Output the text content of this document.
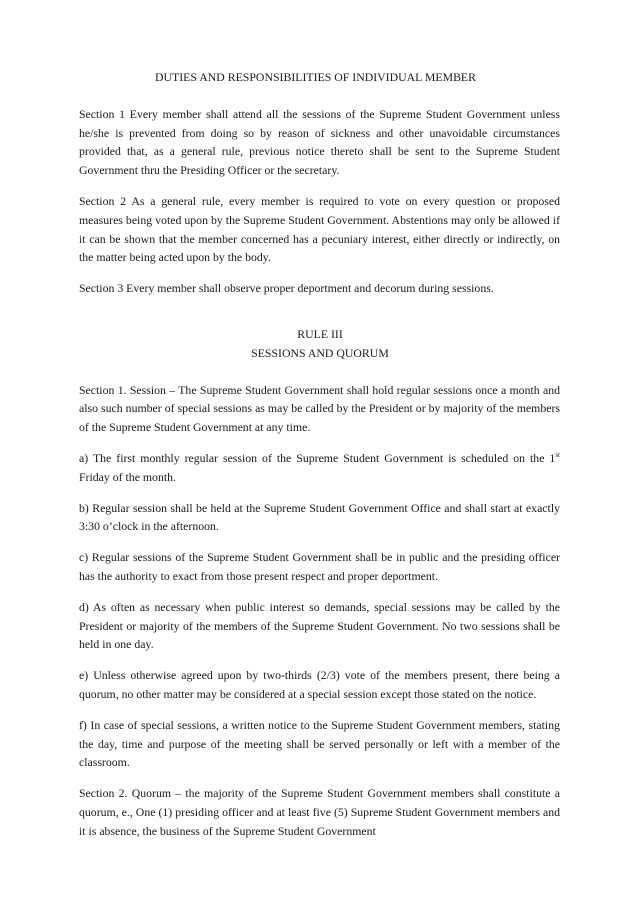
DUTIES AND RESPONSIBILITIES OF INDIVIDUAL MEMBER

Section 1 Every member shall attend all the sessions of the Supreme Student Government unless he/she is prevented from doing so by reason of sickness and other unavoidable circumstances provided that, as a general rule, previous notice thereto shall be sent to the Supreme Student Government thru the Presiding Officer or the secretary.

Section 2 As a general rule, every member is required to vote on every question or proposed measures being voted upon by the Supreme Student Government. Abstentions may only be allowed if it can be shown that the member concerned has a pecuniary interest, either directly or indirectly, on the matter being acted upon by the body.

Section 3 Every member shall observe proper deportment and decorum during sessions.

RULE III

SESSIONS AND QUORUM

Section 1. Session – The Supreme Student Government shall hold regular sessions once a month and also such number of special sessions as may be called by the President or by majority of the members of the Supreme Student Government at any time.

a) The first monthly regular session of the Supreme Student Government is scheduled on the 1st Friday of the month.

b) Regular session shall be held at the Supreme Student Government Office and shall start at exactly 3:30 o’clock in the afternoon.

c) Regular sessions of the Supreme Student Government shall be in public and the presiding officer has the authority to exact from those present respect and proper deportment.

d) As often as necessary when public interest so demands, special sessions may be called by the President or majority of the members of the Supreme Student Government. No two sessions shall be held in one day.

e) Unless otherwise agreed upon by two-thirds (2/3) vote of the members present, there being a quorum, no other matter may be considered at a special session except those stated on the notice.

f) In case of special sessions, a written notice to the Supreme Student Government members, stating the day, time and purpose of the meeting shall be served personally or left with a member of the classroom.

Section 2. Quorum – the majority of the Supreme Student Government members shall constitute a quorum, e., One (1) presiding officer and at least five (5) Supreme Student Government members and it is absence, the business of the Supreme Student Government
